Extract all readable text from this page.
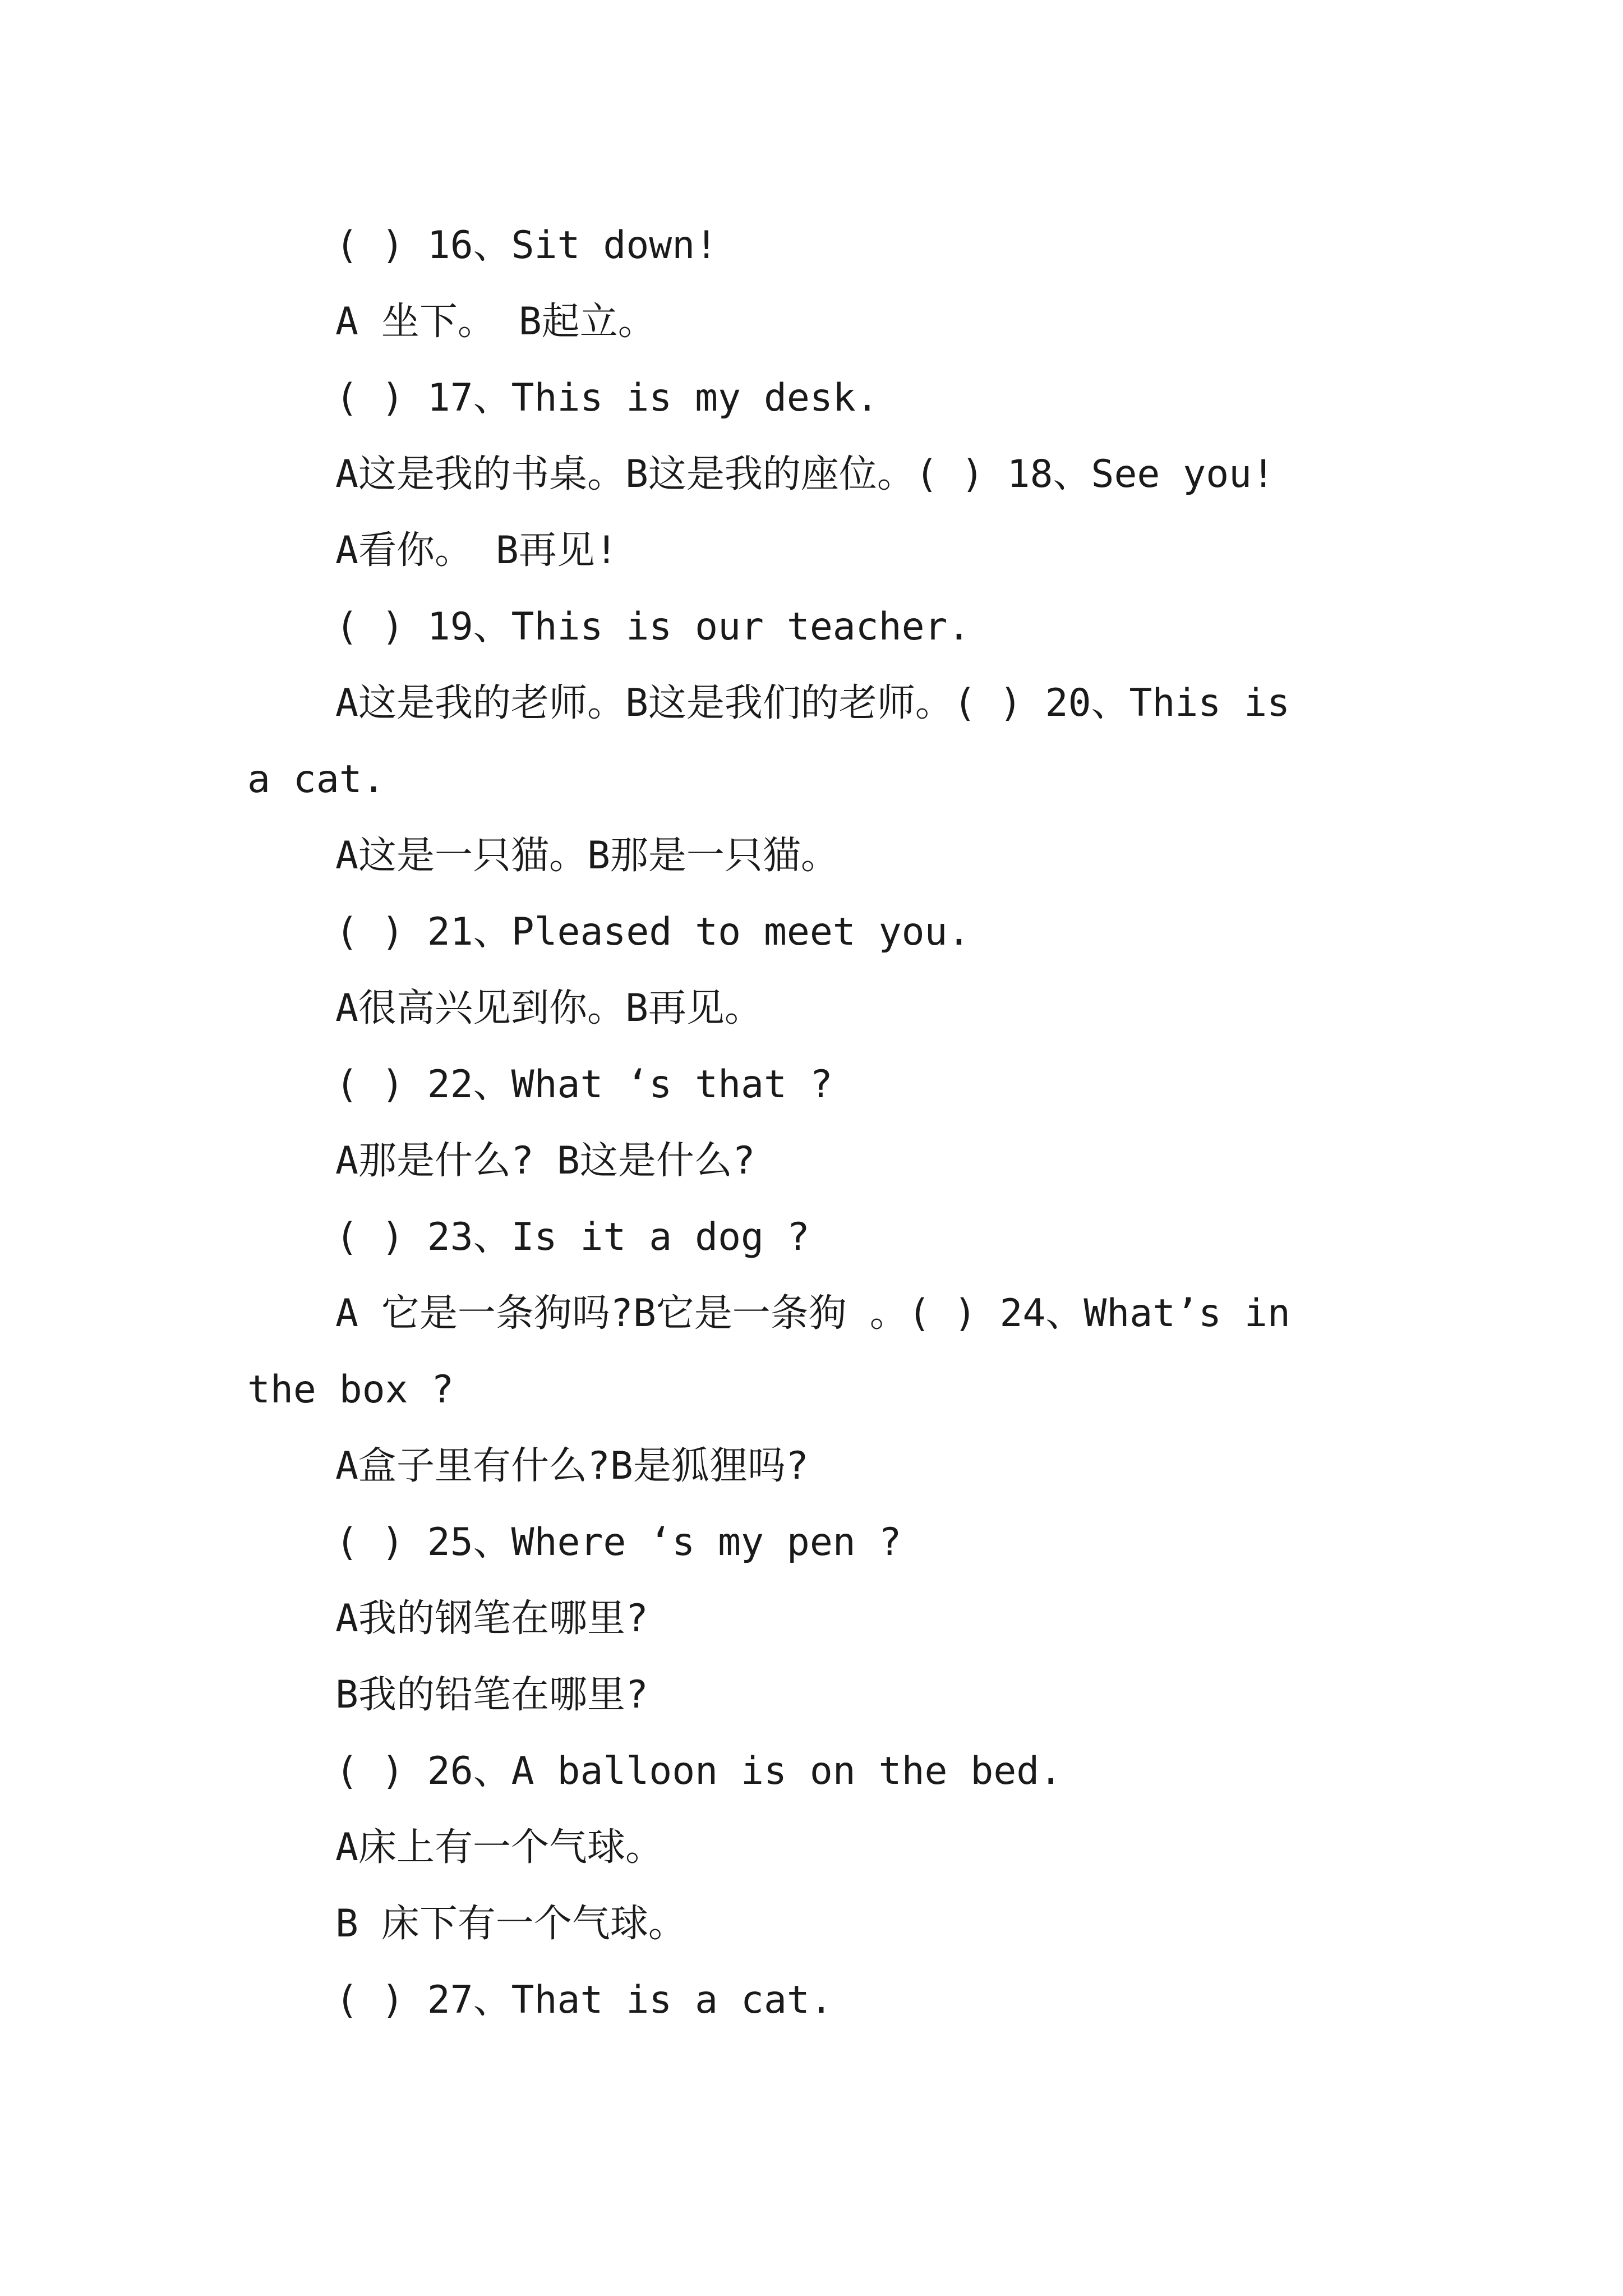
( ) 16、Sit down!
A 坐下。 B起立。
( ) 17、This is my desk.
A这是我的书桌。B这是我的座位。( ) 18、See you!
A看你。 B再见!
( ) 19、This is our teacher.
A这是我的老师。B这是我们的老师。( ) 20、This is
a cat.
A这是一只猫。B那是一只猫。
( ) 21、Pleased to meet you.
A很高兴见到你。B再见。
( ) 22、What ‘s that ?
A那是什么? B这是什么?
( ) 23、Is it a dog ?
A 它是一条狗吗?B它是一条狗 。( ) 24、What’s in
the box ?
A盒子里有什么?B是狐狸吗?
( ) 25、Where ‘s my pen ?
A我的钢笔在哪里?
B我的铅笔在哪里?
( ) 26、A balloon is on the bed.
A床上有一个气球。
B 床下有一个气球。
( ) 27、That is a cat.
